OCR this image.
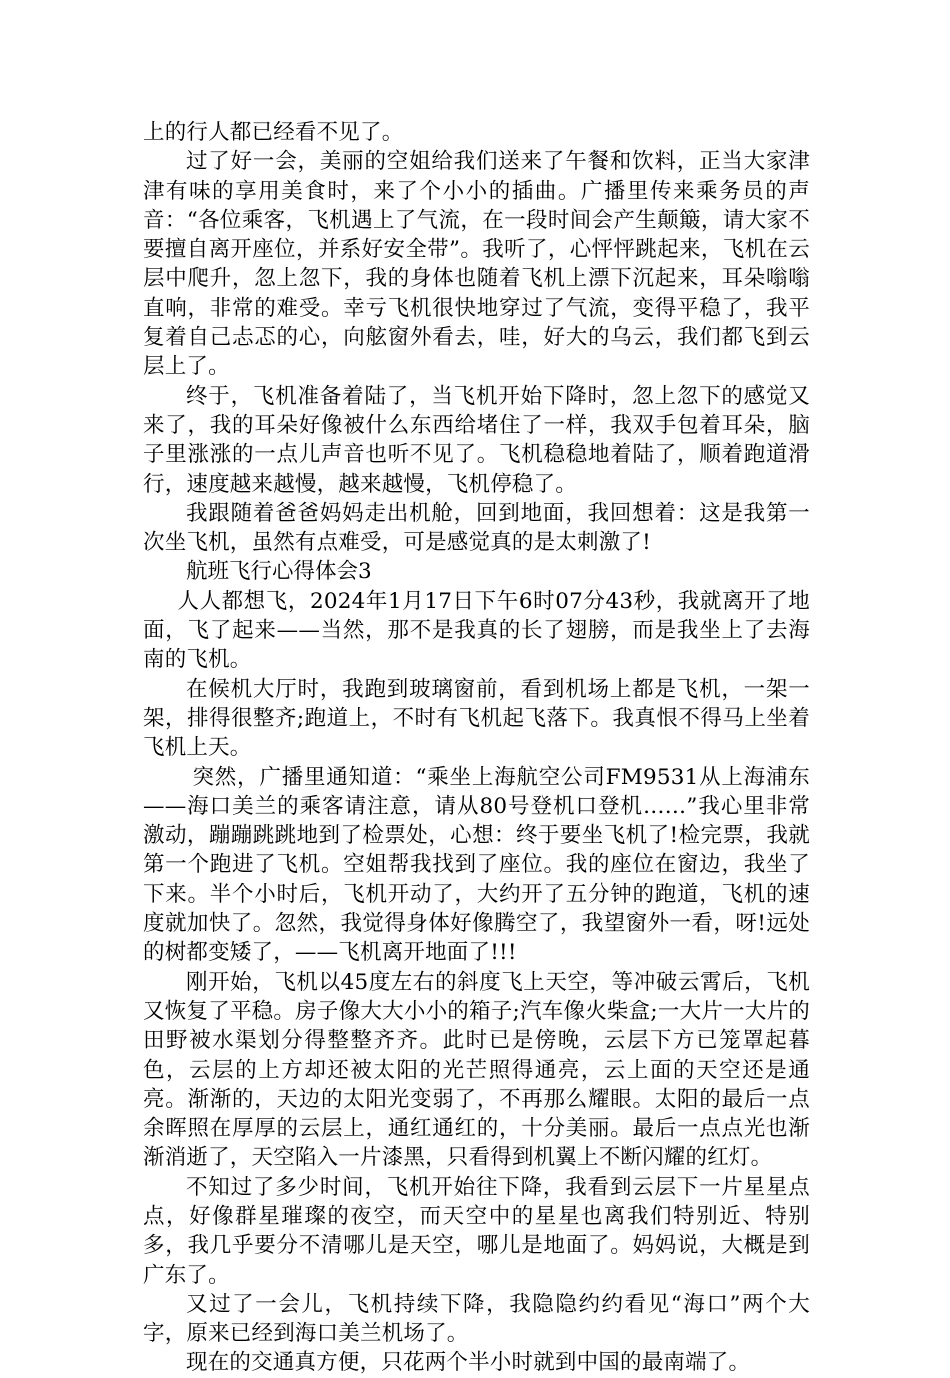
上的行人都已经看不见了。

过了好一会，美丽的空姐给我们送来了午餐和饮料，正当大家津津有味的享用美食时，来了个小小的插曲。广播里传来乘务员的声音：“各位乘客，飞机遇上了气流，在一段时间会产生颠簸，请大家不要擅自离开座位，并系好安全带”。我听了，心怦怦跳起来，飞机在云层中爬升，忽上忽下，我的身体也随着飞机上漂下沉起来，耳朵嗡嗡直响，非常的难受。幸亏飞机很快地穿过了气流，变得平稳了，我平复着自己忐忑的心，向舷窗外看去，哇，好大的乌云，我们都飞到云层上了。

终于，飞机准备着陆了，当飞机开始下降时，忽上忽下的感觉又来了，我的耳朵好像被什么东西给堵住了一样，我双手包着耳朵，脑子里涨涨的一点儿声音也听不见了。飞机稳稳地着陆了，顺着跑道滑行，速度越来越慢，越来越慢，飞机停稳了。

我跟随着爸爸妈妈走出机舱，回到地面，我回想着：这是我第一次坐飞机，虽然有点难受，可是感觉真的是太刺激了!

航班飞行心得体会3

人人都想飞，2024年1月17日下午6时07分43秒，我就离开了地面，飞了起来——当然，那不是我真的长了翅膀，而是我坐上了去海南的飞机。

在候机大厅时，我跑到玻璃窗前，看到机场上都是飞机，一架一架，排得很整齐;跑道上，不时有飞机起飞落下。我真恨不得马上坐着飞机上天。

突然，广播里通知道：“乘坐上海航空公司FM9531从上海浦东——海口美兰的乘客请注意，请从80号登机口登机……”我心里非常激动，蹦蹦跳跳地到了检票处，心想：终于要坐飞机了!检完票，我就第一个跑进了飞机。空姐帮我找到了座位。我的座位在窗边，我坐了下来。半个小时后，飞机开动了，大约开了五分钟的跑道，飞机的速度就加快了。忽然，我觉得身体好像腾空了，我望窗外一看，呀!远处的树都变矮了，——飞机离开地面了!!!

刚开始，飞机以45度左右的斜度飞上天空，等冲破云霄后，飞机又恢复了平稳。房子像大大小小的箱子;汽车像火柴盒;一大片一大片的田野被水渠划分得整整齐齐。此时已是傍晚，云层下方已笼罩起暮色，云层的上方却还被太阳的光芒照得通亮，云上面的天空还是通亮。渐渐的，天边的太阳光变弱了，不再那么耀眼。太阳的最后一点余晖照在厚厚的云层上，通红通红的，十分美丽。最后一点点光也渐渐消逝了，天空陷入一片漆黑，只看得到机翼上不断闪耀的红灯。

不知过了多少时间，飞机开始往下降，我看到云层下一片星星点点，好像群星璀璨的夜空，而天空中的星星也离我们特别近、特别多，我几乎要分不清哪儿是天空，哪儿是地面了。妈妈说，大概是到广东了。

又过了一会儿，飞机持续下降，我隐隐约约看见“海口”两个大字，原来已经到海口美兰机场了。

现在的交通真方便，只花两个半小时就到中国的最南端了。
